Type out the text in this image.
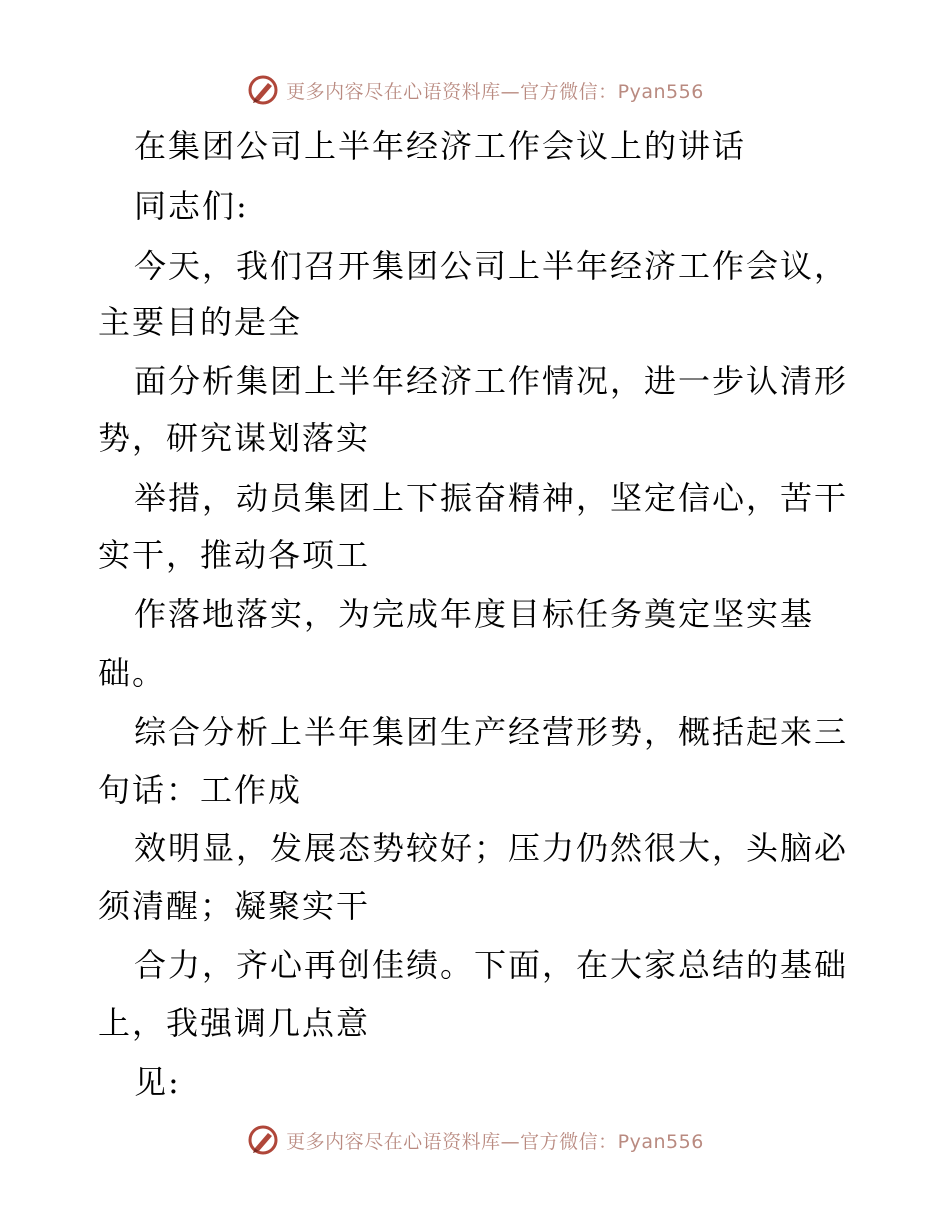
更多内容尽在心语资料库—官方微信：Pyan556
在集团公司上半年经济工作会议上的讲话
同志们:
今天，我们召开集团公司上半年经济工作会议，
主要目的是全
面分析集团上半年经济工作情况，进一步认清形
势，研究谋划落实
举措，动员集团上下振奋精神，坚定信心，苦干
实干，推动各项工
作落地落实，为完成年度目标任务奠定坚实基
础。
综合分析上半年集团生产经营形势，概括起来三
句话：工作成
效明显，发展态势较好；压力仍然很大，头脑必
须清醒；凝聚实干
合力，齐心再创佳绩。下面，在大家总结的基础
上，我强调几点意
见:
更多内容尽在心语资料库—官方微信：Pyan556
